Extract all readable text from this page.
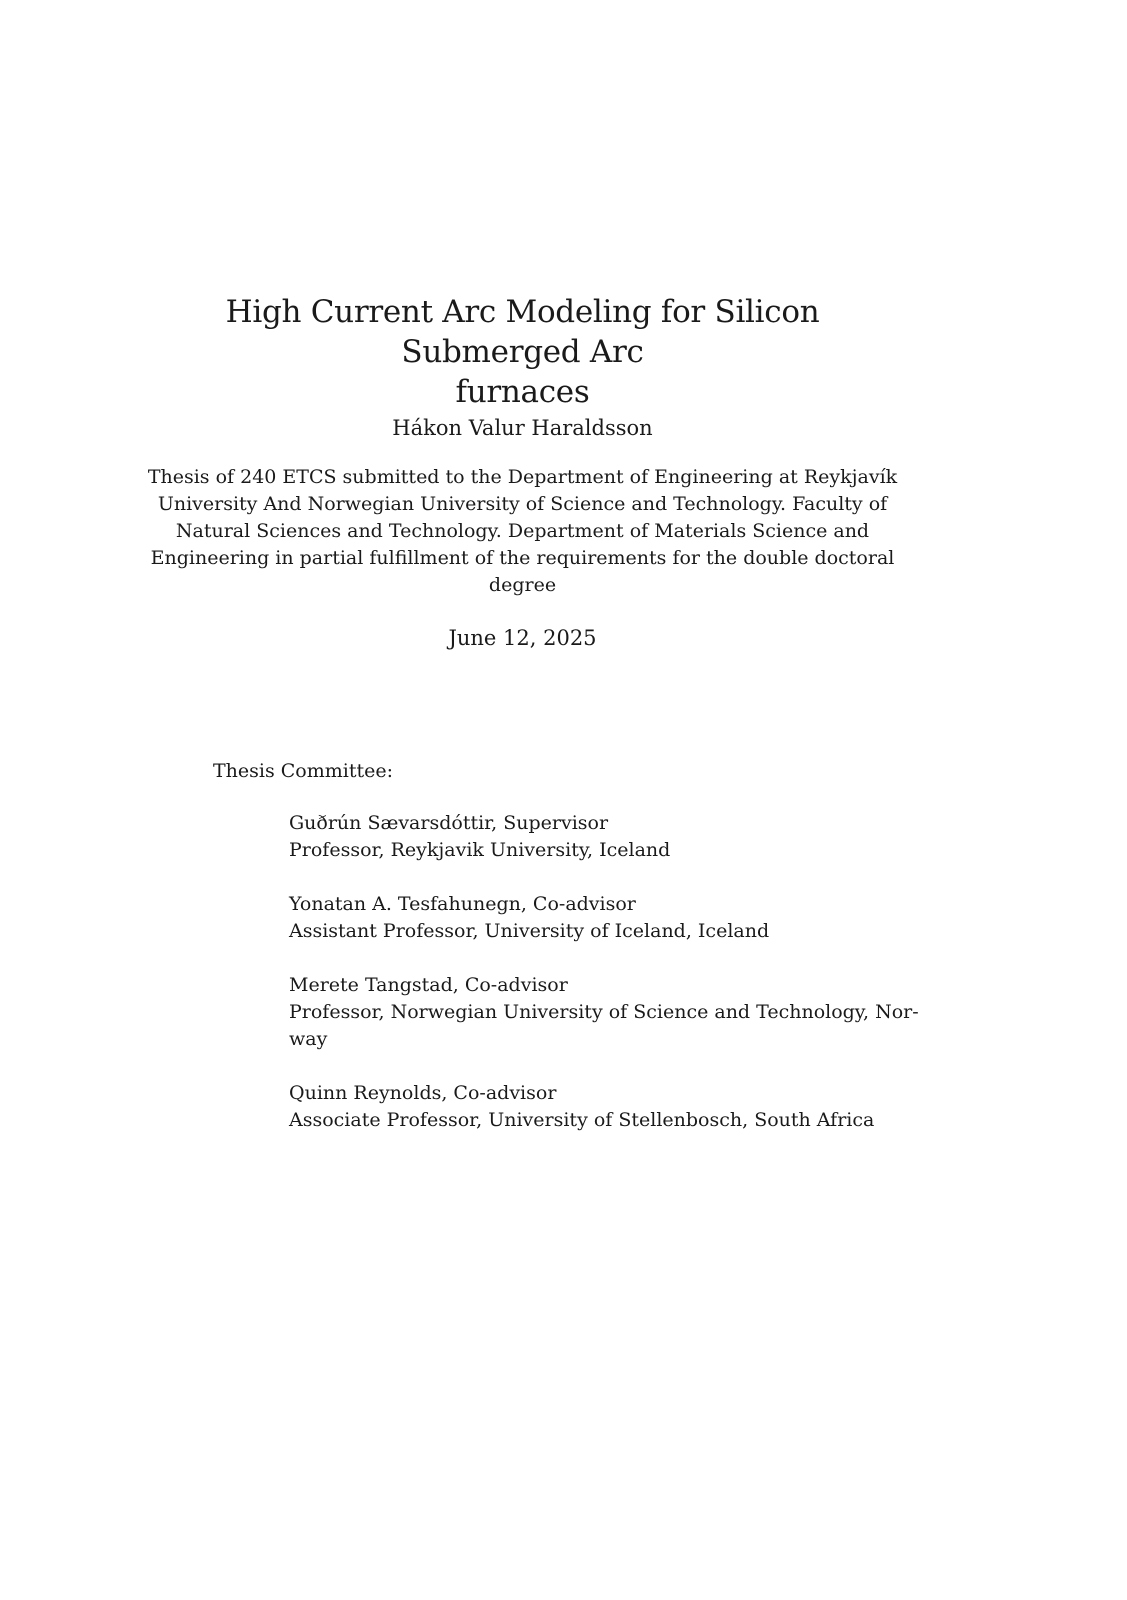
High Current Arc Modeling for Silicon Submerged Arc
furnaces
Hákon Valur Haraldsson
Thesis of 240 ETCS submitted to the Department of Engineering at Reykjavík
University And Norwegian University of Science and Technology. Faculty of
Natural Sciences and Technology. Department of Materials Science and
Engineering in partial fulfillment of the requirements for the double doctoral
degree
June 12, 2025
Thesis Committee:
Guðrún Sævarsdóttir, Supervisor
Professor, Reykjavik University, Iceland
Yonatan A. Tesfahunegn, Co-advisor
Assistant Professor, University of Iceland, Iceland
Merete Tangstad, Co-advisor
Professor, Norwegian University of Science and Technology, Nor-
way
Quinn Reynolds, Co-advisor
Associate Professor, University of Stellenbosch, South Africa
